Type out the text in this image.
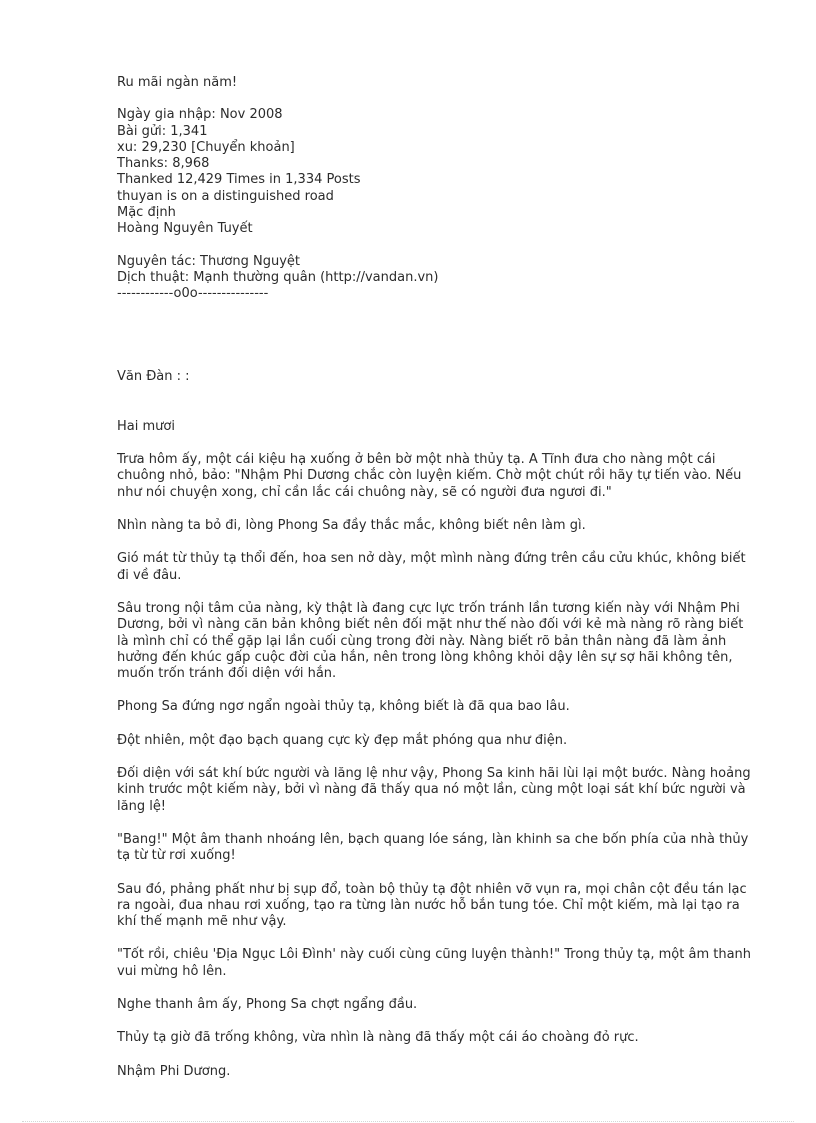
Ru mãi ngàn năm!
Ngày gia nhập: Nov 2008
Bài gửi: 1,341
xu: 29,230 [Chuyển khoản]
Thanks: 8,968
Thanked 12,429 Times in 1,334 Posts
thuyan is on a distinguished road
Mặc định
Hoàng Nguyên Tuyết
Nguyên tác: Thương Nguyệt
Dịch thuật: Mạnh thường quân (http://vandan.vn)
------------o0o---------------
Văn Đàn : :
Hai mươi

Trưa hôm ấy, một cái kiệu hạ xuống ở bên bờ một nhà thủy tạ. A Tĩnh đưa cho nàng một cái chuông nhỏ, bảo: "Nhậm Phi Dương chắc còn luyện kiếm. Chờ một chút rồi hãy tự tiến vào. Nếu như nói chuyện xong, chỉ cần lắc cái chuông này, sẽ có người đưa ngươi đi."

Nhìn nàng ta bỏ đi, lòng Phong Sa đầy thắc mắc, không biết nên làm gì.

Gió mát từ thủy tạ thổi đến, hoa sen nở dày, một mình nàng đứng trên cầu cửu khúc, không biết đi về đâu.

Sâu trong nội tâm của nàng, kỳ thật là đang cực lực trốn tránh lần tương kiến này với Nhậm Phi Dương, bởi vì nàng căn bản không biết nên đối mặt như thế nào đối với kẻ mà nàng rõ ràng biết là mình chỉ có thể gặp lại lần cuối cùng trong đời này. Nàng biết rõ bản thân nàng đã làm ảnh hưởng đến khúc gấp cuộc đời của hắn, nên trong lòng không khỏi dậy lên sự sợ hãi không tên, muốn trốn tránh đối diện với hắn.

Phong Sa đứng ngơ ngẩn ngoài thủy tạ, không biết là đã qua bao lâu.

Đột nhiên, một đạo bạch quang cực kỳ đẹp mắt phóng qua như điện.

Đối diện với sát khí bức người và lăng lệ như vậy, Phong Sa kinh hãi lùi lại một bước. Nàng hoảng kinh trước một kiếm này, bởi vì nàng đã thấy qua nó một lần, cùng một loại sát khí bức người và lăng lệ!

"Bang!" Một âm thanh nhoáng lên, bạch quang lóe sáng, làn khinh sa che bốn phía của nhà thủy tạ từ từ rơi xuống!

Sau đó, phảng phất như bị sụp đổ, toàn bộ thủy tạ đột nhiên vỡ vụn ra, mọi chân cột đều tán lạc ra ngoài, đua nhau rơi xuống, tạo ra từng làn nước hỗ bắn tung tóe. Chỉ một kiếm, mà lại tạo ra khí thế mạnh mẽ như vậy.

"Tốt rồi, chiêu 'Địa Ngục Lôi Đình' này cuối cùng cũng luyện thành!" Trong thủy tạ, một âm thanh vui mừng hô lên.

Nghe thanh âm ấy, Phong Sa chợt ngẩng đầu.

Thủy tạ giờ đã trống không, vừa nhìn là nàng đã thấy một cái áo choàng đỏ rực.

Nhậm Phi Dương.
